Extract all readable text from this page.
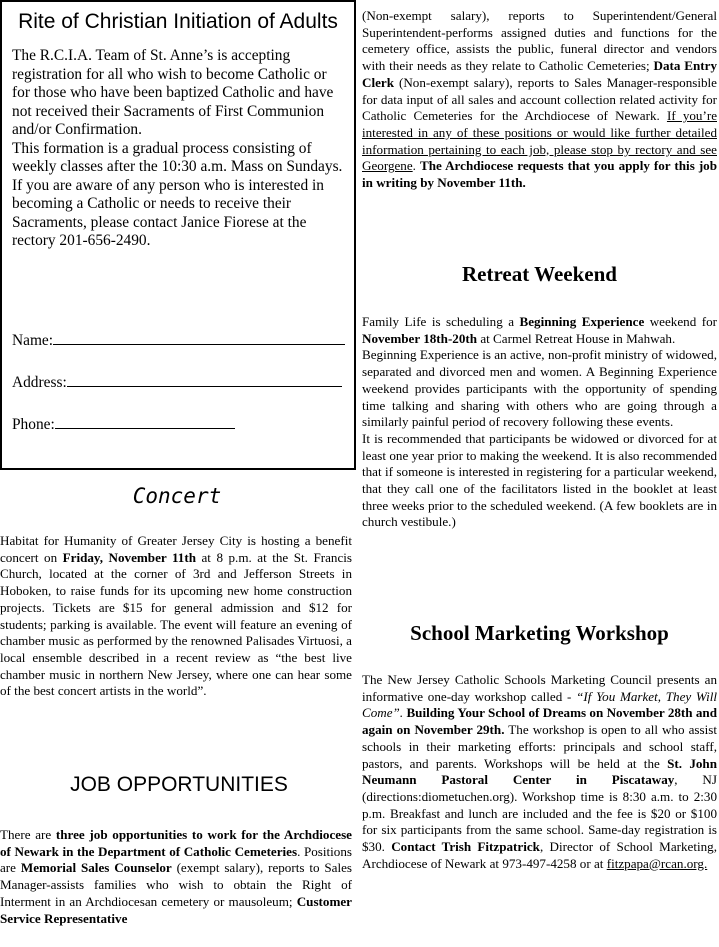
Rite of Christian Initiation of Adults
The R.C.I.A. Team of St. Anne’s is accepting registration for all who wish to become Catholic or for those who have been baptized Catholic and have not received their Sacraments of First Communion and/or Confirmation.
This formation is a gradual process consisting of weekly classes after the 10:30 a.m. Mass on Sundays. If you are aware of any person who is interested in becoming a Catholic or needs to receive their Sacraments, please contact Janice Fiorese at the rectory 201-656-2490.
Name:
Address:
Phone:
Concert

Habitat for Humanity of Greater Jersey City is hosting a benefit concert on Friday, November 11th at 8 p.m. at the St. Francis Church, located at the corner of 3rd and Jefferson Streets in Hoboken, to raise funds for its upcoming new home construction projects. Tickets are $15 for general admission and $12 for students; parking is available. The event will feature an evening of chamber music as performed by the renowned Palisades Virtuosi, a local ensemble described in a recent review as “the best live chamber music in northern New Jersey, where one can hear some of the best concert artists in the world”.

JOB OPPORTUNITIES

There are three job opportunities to work for the Archdiocese of Newark in the Department of Catholic Cemeteries. Positions are Memorial Sales Counselor (exempt salary), reports to Sales Manager-assists families who wish to obtain the Right of Interment in an Archdiocesan cemetery or mausoleum; Customer Service Representative

(Non-exempt salary), reports to Superintendent/General Superintendent-performs assigned duties and functions for the cemetery office, assists the public, funeral director and vendors with their needs as they relate to Catholic Cemeteries; Data Entry Clerk (Non-exempt salary), reports to Sales Manager-responsible for data input of all sales and account collection related activity for Catholic Cemeteries for the Archdiocese of Newark. If you’re interested in any of these positions or would like further detailed information pertaining to each job, please stop by rectory and see Georgene. The Archdiocese requests that you apply for this job in writing by November 11th.

Retreat Weekend

Family Life is scheduling a Beginning Experience weekend for November 18th-20th at Carmel Retreat House in Mahwah.

Beginning Experience is an active, non-profit ministry of widowed, separated and divorced men and women. A Beginning Experience weekend provides participants with the opportunity of spending time talking and sharing with others who are going through a similarly painful period of recovery following these events.

It is recommended that participants be widowed or divorced for at least one year prior to making the weekend. It is also recommended that if someone is interested in registering for a particular weekend, that they call one of the facilitators listed in the booklet at least three weeks prior to the scheduled weekend. (A few booklets are in church vestibule.)

School Marketing Workshop

The New Jersey Catholic Schools Marketing Council presents an informative one-day workshop called - “If You Market, They Will Come”. Building Your School of Dreams on November 28th and again on November 29th. The workshop is open to all who assist schools in their marketing efforts: principals and school staff, pastors, and parents. Workshops will be held at the St. John Neumann Pastoral Center in Piscataway, NJ (directions:diometuchen.org). Workshop time is 8:30 a.m. to 2:30 p.m. Breakfast and lunch are included and the fee is $20 or $100 for six participants from the same school. Same-day registration is $30. Contact Trish Fitzpatrick, Director of School Marketing, Archdiocese of Newark at 973-497-4258 or at fitzpapa@rcan.org.
